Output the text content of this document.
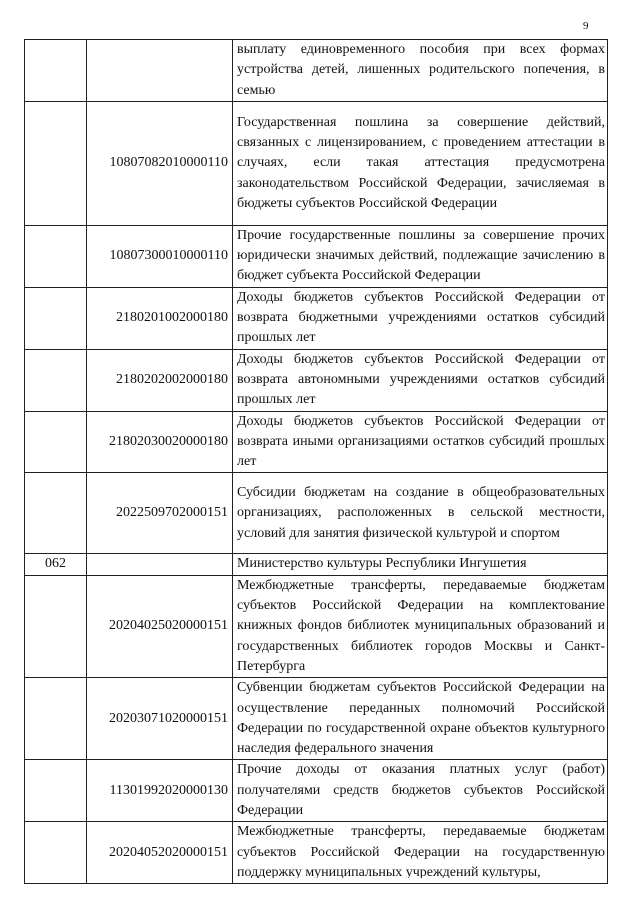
9
		выплату единовременного пособия при всех формах устройства детей, лишенных родительского попечения, в семью
	10807082010000110	Государственная пошлина за совершение действий, связанных с лицензированием, с проведением аттестации в случаях, если такая аттестация предусмотрена законодательством Российской Федерации, зачисляемая в бюджеты субъектов Российской Федерации
	10807300010000110	Прочие государственные пошлины за совершение прочих юридически значимых действий, подлежащие зачислению в бюджет субъекта Российской Федерации
	2180201002000180	Доходы бюджетов субъектов Российской Федерации от возврата бюджетными учреждениями остатков субсидий прошлых лет
	2180202002000180	Доходы бюджетов субъектов Российской Федерации от возврата автономными учреждениями остатков субсидий прошлых лет
	21802030020000180	Доходы бюджетов субъектов Российской Федерации от возврата иными организациями остатков субсидий прошлых лет
	2022509702000151	Субсидии бюджетам на создание в общеобразовательных организациях, расположенных в сельской местности, условий для занятия физической культурой и спортом
062		Министерство культуры Республики Ингушетия
	20204025020000151	Межбюджетные трансферты, передаваемые бюджетам субъектов Российской Федерации на комплектование книжных фондов библиотек муниципальных образований и государственных библиотек городов Москвы и Санкт-Петербурга
	20203071020000151	Субвенции бюджетам субъектов Российской Федерации на осуществление переданных полномочий Российской Федерации по государственной охране объектов культурного наследия федерального значения
	11301992020000130	Прочие доходы от оказания платных услуг (работ) получателями средств бюджетов субъектов Российской Федерации
	20204052020000151	Межбюджетные трансферты, передаваемые бюджетам субъектов Российской Федерации на государственную поддержку муниципальных учреждений культуры,
